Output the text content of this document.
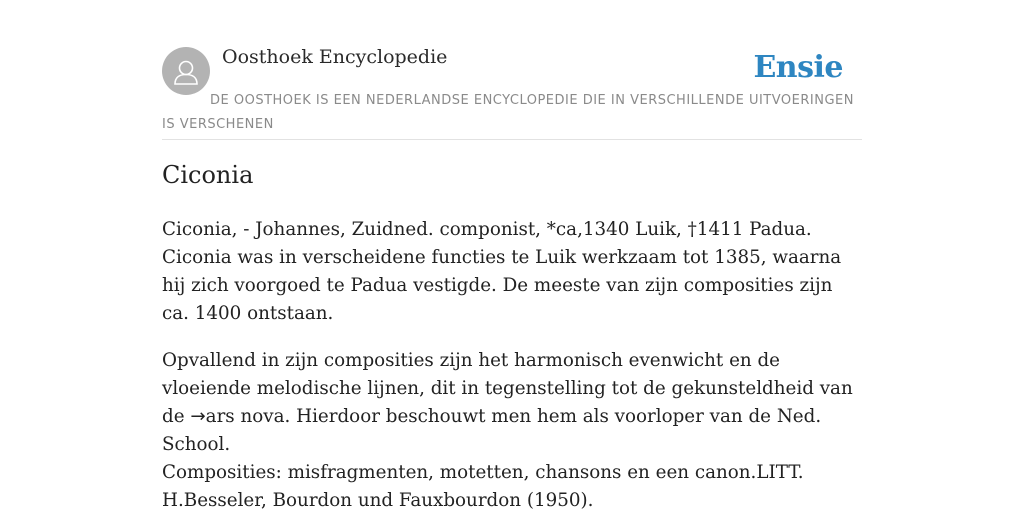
Oosthoek Encyclopedie	Ensie
DE OOSTHOEK IS EEN NEDERLANDSE ENCYCLOPEDIE DIE IN VERSCHILLENDE UITVOERINGEN IS VERSCHENEN
Ciconia

Ciconia, - Johannes, Zuidned. componist, *ca,1340 Luik, †1411 Padua. Ciconia was in verscheidene functies te Luik werkzaam tot 1385, waarna hij zich voorgoed te Padua vestigde. De meeste van zijn composities zijn ca. 1400 ontstaan.

Opvallend in zijn composities zijn het harmonisch evenwicht en de vloeiende melodische lijnen, dit in tegenstelling tot de gekunsteldheid van de →ars nova. Hierdoor beschouwt men hem als voorloper van de Ned. School.

Composities: misfragmenten, motetten, chansons en een canon.LITT. H.Besseler, Bourdon und Fauxbourdon (1950).
